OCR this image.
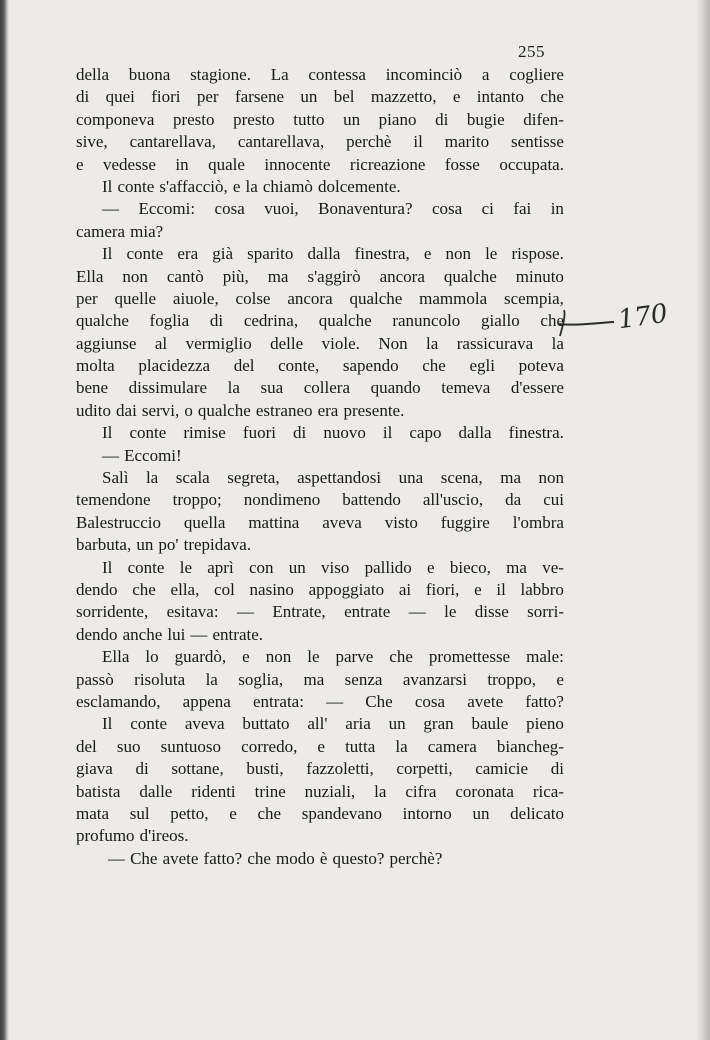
255
della buona stagione. La contessa incominciò a cogliere
di quei fiori per farsene un bel mazzetto, e intanto che
componeva presto presto tutto un piano di bugie difen-
sive, cantarellava, cantarellava, perchè il marito sentisse
e vedesse in quale innocente ricreazione fosse occupata.
Il conte s'affacciò, e la chiamò dolcemente.
— Eccomi: cosa vuoi, Bonaventura? cosa ci fai in
camera mia?
Il conte era già sparito dalla finestra, e non le rispose.
Ella non cantò più, ma s'aggirò ancora qualche minuto
per quelle aiuole, colse ancora qualche mammola scempia,
qualche foglia di cedrina, qualche ranuncolo giallo che
aggiunse al vermiglio delle viole. Non la rassicurava la
molta placidezza del conte, sapendo che egli poteva
bene dissimulare la sua collera quando temeva d'essere
udito dai servi, o qualche estraneo era presente.
Il conte rimise fuori di nuovo il capo dalla finestra.
— Eccomi!
Salì la scala segreta, aspettandosi una scena, ma non
temendone troppo; nondimeno battendo all'uscio, da cui
Balestruccio quella mattina aveva visto fuggire l'ombra
barbuta, un po' trepidava.
Il conte le aprì con un viso pallido e bieco, ma ve-
dendo che ella, col nasino appoggiato ai fiori, e il labbro
sorridente, esitava: — Entrate, entrate — le disse sorri-
dendo anche lui — entrate.
Ella lo guardò, e non le parve che promettesse male:
passò risoluta la soglia, ma senza avanzarsi troppo, e
esclamando, appena entrata: — Che cosa avete fatto?
Il conte aveva buttato all' aria un gran baule pieno
del suo suntuoso corredo, e tutta la camera biancheg-
giava di sottane, busti, fazzoletti, corpetti, camicie di
batista dalle ridenti trine nuziali, la cifra coronata rica-
mata sul petto, e che spandevano intorno un delicato
profumo d'ireos.
— Che avete fatto? che modo è questo? perchè?
170
